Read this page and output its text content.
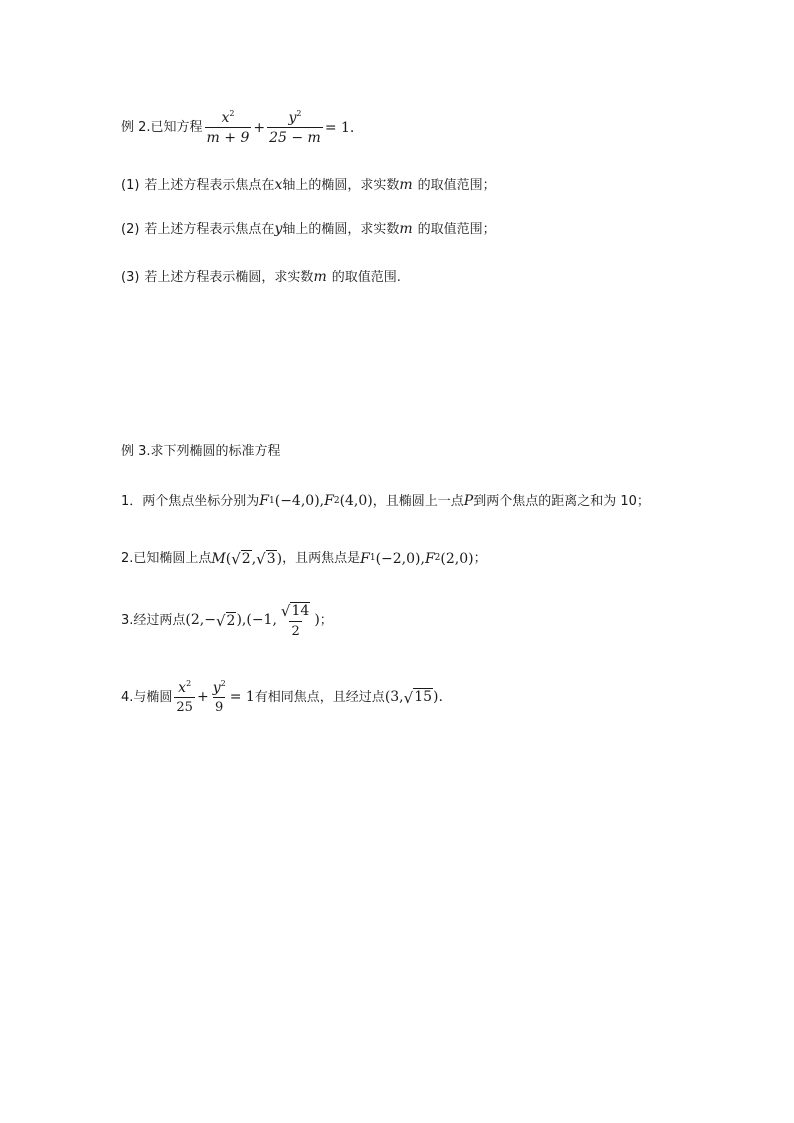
例 2.已知方程 $\frac{x^2}{m + 9} + \frac{y^2}{25 - m} = 1$.
(1) 若上述方程表示焦点在 x 轴上的椭圆，求实数 m 的取值范围；
(2) 若上述方程表示焦点在 y 轴上的椭圆，求实数 m 的取值范围；
(3) 若上述方程表示椭圆，求实数 m 的取值范围.
例 3.求下列椭圆的标准方程
1．两个焦点坐标分别为 F 1 (−4,0), F 2 (4,0) ，且椭圆上一点 P 到两个焦点的距离之和为 10；
2.已知椭圆上点 M ( √ 2 , √ 3 ) ，且两焦点是 F 1 (−2,0), F 2 (2,0) ；
3.经过两点 (2,− √ 2 ),(−1, $\frac{√ 14}{2}$ ) ；
4.与椭圆 $\frac{x^2}{25} + \frac{y^2}{9} = 1$ 有相同焦点，且经过点 (3, √ 15 ) .
